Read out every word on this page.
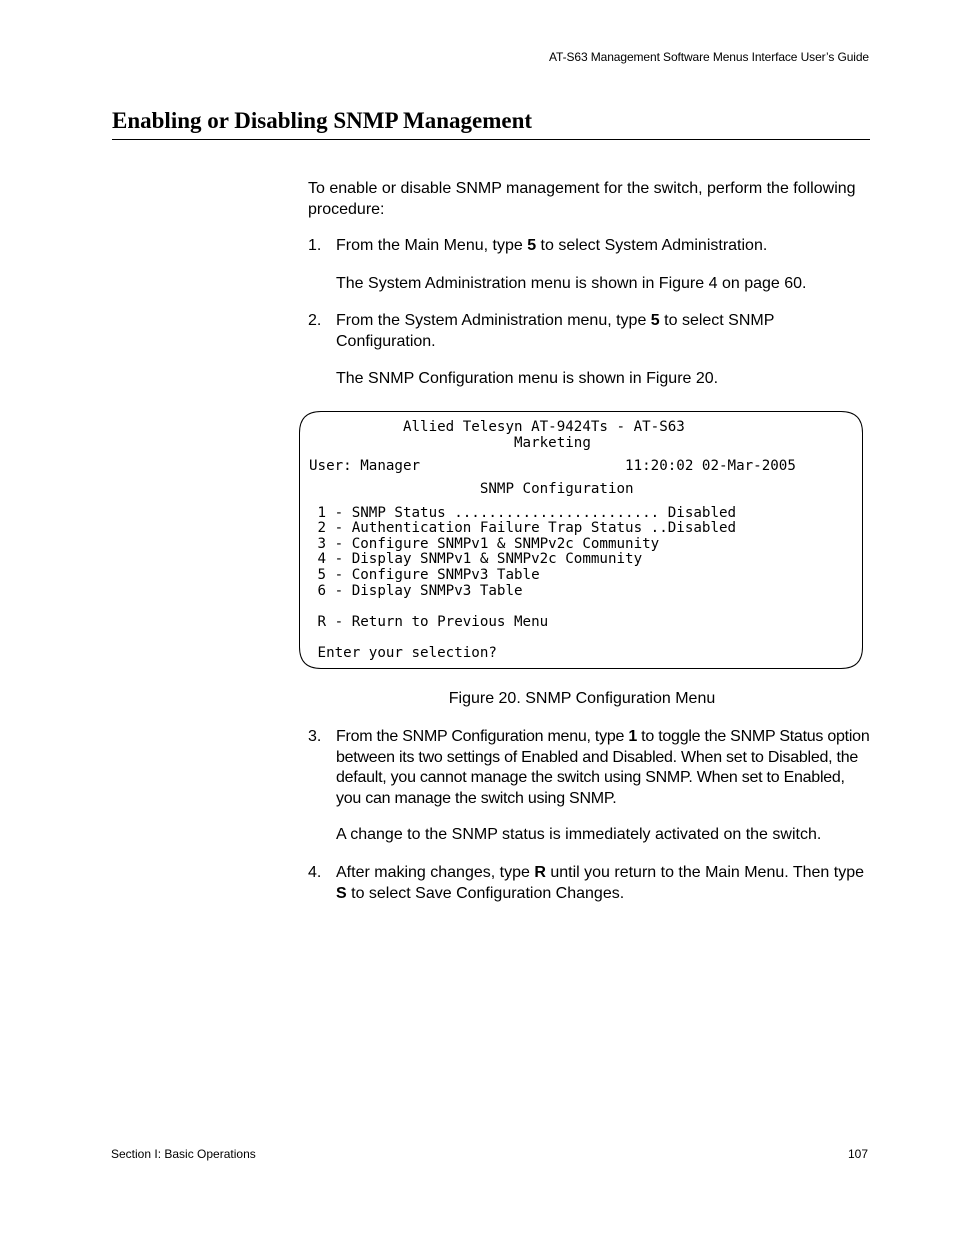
AT-S63 Management Software Menus Interface User’s Guide
Enabling or Disabling SNMP Management

To enable or disable SNMP management for the switch, perform the following procedure:

1. From the Main Menu, type 5 to select System Administration.

The System Administration menu is shown in Figure 4 on page 60.

2. From the System Administration menu, type 5 to select SNMP Configuration.

The SNMP Configuration menu is shown in Figure 20.

Allied Telesyn AT-9424Ts - AT-S63
Marketing
User: Manager                        11:20:02 02-Mar-2005
SNMP Configuration
1 - SNMP Status ........................ Disabled
2 - Authentication Failure Trap Status ..Disabled
3 - Configure SNMPv1 & SNMPv2c Community
4 - Display SNMPv1 & SNMPv2c Community
5 - Configure SNMPv3 Table
6 - Display SNMPv3 Table
R - Return to Previous Menu
Enter your selection?
Figure 20. SNMP Configuration Menu
3. From the SNMP Configuration menu, type 1 to toggle the SNMP Status option between its two settings of Enabled and Disabled. When set to Disabled, the default, you cannot manage the switch using SNMP. When set to Enabled, you can manage the switch using SNMP.

A change to the SNMP status is immediately activated on the switch.

4. After making changes, type R until you return to the Main Menu. Then type S to select Save Configuration Changes.
Section I: Basic Operations	107
